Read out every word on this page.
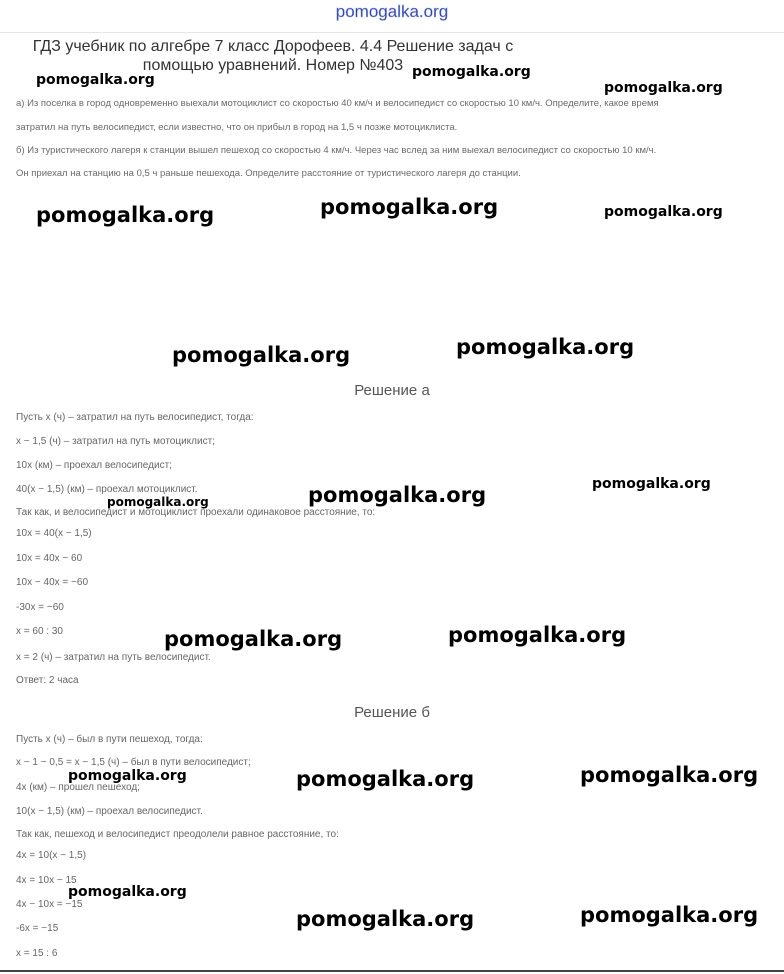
pomogalka.org
ГДЗ учебник по алгебре 7 класс Дорофеев. 4.4 Решение задач с помощью уравнений. Номер №403
а) Из поселка в город одновременно выехали мотоциклист со скоростью 40 км/ч и велосипедист со скоростью 10 км/ч. Определите, какое время
затратил на путь велосипедист, если известно, что он прибыл в город на 1,5 ч позже мотоциклиста.
б) Из туристического лагеря к станции вышел пешеход со скоростью 4 км/ч. Через час вслед за ним выехал велосипедист со скоростью 10 км/ч.
Он приехал на станцию на 0,5 ч раньше пешехода. Определите расстояние от туристического лагеря до станции.
Решение а
Пусть x (ч) – затратил на путь велосипедист, тогда:
x − 1,5 (ч) – затратил на путь мотоциклист;
10x (км) – проехал велосипедист;
40(x − 1,5) (км) – проехал мотоциклист.
Так как, и велосипедист и мотоциклист проехали одинаковое расстояние, то:
10x = 40(x − 1,5)
10x = 40x − 60
10x − 40x = −60
-30x = −60
x = 60 : 30
x = 2 (ч) – затратил на путь велосипедист.
Ответ: 2 часа
Решение б
Пусть x (ч) – был в пути пешеход, тогда:
x − 1 − 0,5 = x − 1,5 (ч) – был в пути велосипедист;
4x (км) – прошел пешеход;
10(x − 1,5) (км) – проехал велосипедист.
Так как, пешеход и велосипедист преодолели равное расстояние, то:
4x = 10(x − 1,5)
4x = 10x − 15
4x − 10x = −15
-6x = −15
x = 15 : 6
pomogalka.org	pomogalka.org
pomogalka.org
pomogalka.org	pomogalka.org	pomogalka.org
pomogalka.org	pomogalka.org
pomogalka.org	pomogalka.org
pomogalka.org
pomogalka.org	pomogalka.org
pomogalka.org	pomogalka.org	pomogalka.org
pomogalka.org
pomogalka.org	pomogalka.org
